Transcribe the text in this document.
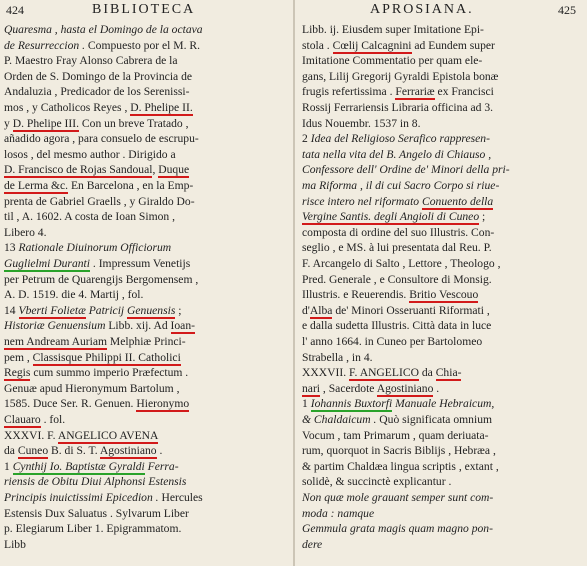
424	BIBLIOTECA
Quaresma , hasta el Domingo de la octava
de Resurreccion . Compuesto por el M. R.
P. Maestro Fray Alonso Cabrera de la
Orden de S. Domingo de la Provincia de
Andaluzia , Predicador de los Serenissi-
mos , y Catholicos Reyes , D. Phelipe II.
y D. Phelipe III. Con un breve Tratado ,
añadido agora , para consuelo de escrupu-
losos , del mesmo author . Dirigido a
D. Francisco de Rojas Sandoual, Duque
de Lerma &c. En Barcelona , en la Emp-
prenta de Gabriel Graells , y Giraldo Do-
til , A. 1602. A costa de Ioan Simon ,
Libero 4.
13 Rationale Diuinorum Officiorum
Guglielmi Duranti . Impressum Venetijs
per Petrum de Quarengijs Bergomensem ,
A. D. 1519. die 4. Martij , fol.
14 Vberti Folietæ Patricij Genuensis ;
Historiæ Genuensium Libb. xij. Ad Ioan-
nem Andream Auriam Melphiæ Princi-
pem , Classisque Philippi II. Catholici
Regis cum summo imperio Præfectum .
Genuæ apud Hieronymum Bartolum ,
1585. Duce Ser. R. Genuen. Hieronymo
Clauaro . fol.
XXXVI. F. ANGELICO AVENA
da Cuneo B. di S. T. Agostiniano .
1 Cynthij Io. Baptistæ Gyraldi Ferra-
riensis de Obitu Diui Alphonsi Estensis
Principis inuictissimi Epicedion . Hercules
Estensis Dux Saluatus . Sylvarum Liber
p. Elegiarum Liber 1. Epigrammatom.
Libb
APROSIANA.	425
Libb. ij. Eiusdem super Imitatione Epi-
stola . Cœlij Calcagnini ad Eundem super
Imitatione Commentatio per quam ele-
gans, Lilij Gregorij Gyraldi Epistola bonæ
frugis refertissima . Ferrariæ ex Francisci
Rossij Ferrariensis Libraria officina ad 3.
Idus Nouembr. 1537 in 8.
2 Idea del Religioso Serafico rappresen-
tata nella vita del B. Angelo di Chiauso ,
Confessore dell' Ordine de' Minori della pri-
ma Riforma , il di cui Sacro Corpo si riue-
risce intero nel riformato Conuento della
Vergine Santis. degli Angioli di Cuneo ;
composta di ordine del suo Illustris. Con-
seglio , e MS. à lui presentata dal Reu. P.
F. Arcangelo di Salto , Lettore , Theologo ,
Pred. Generale , e Consultore di Monsig.
Illustris. e Reuerendis. Britio Vescouo
d'Alba de' Minori Osseruanti Riformati ,
e dalla sudetta Illustris. Città data in luce
l' anno 1664. in Cuneo per Bartolomeo
Strabella , in 4.
XXXVII. F. ANGELICO da Chia-
nari , Sacerdote Agostiniano .
1 Iohannis Buxtorfi Manuale Hebraicum,
& Chaldaicum . Quò significata omnium
Vocum , tam Primarum , quam deriuata-
rum, quorquot in Sacris Biblijs , Hebræa ,
& partim Chaldæa lingua scriptis , extant ,
solidè, & succinctè explicantur .
Non quæ mole grauant semper sunt com-
moda : namque
Gemmula grata magis quam magno pon-
dere
